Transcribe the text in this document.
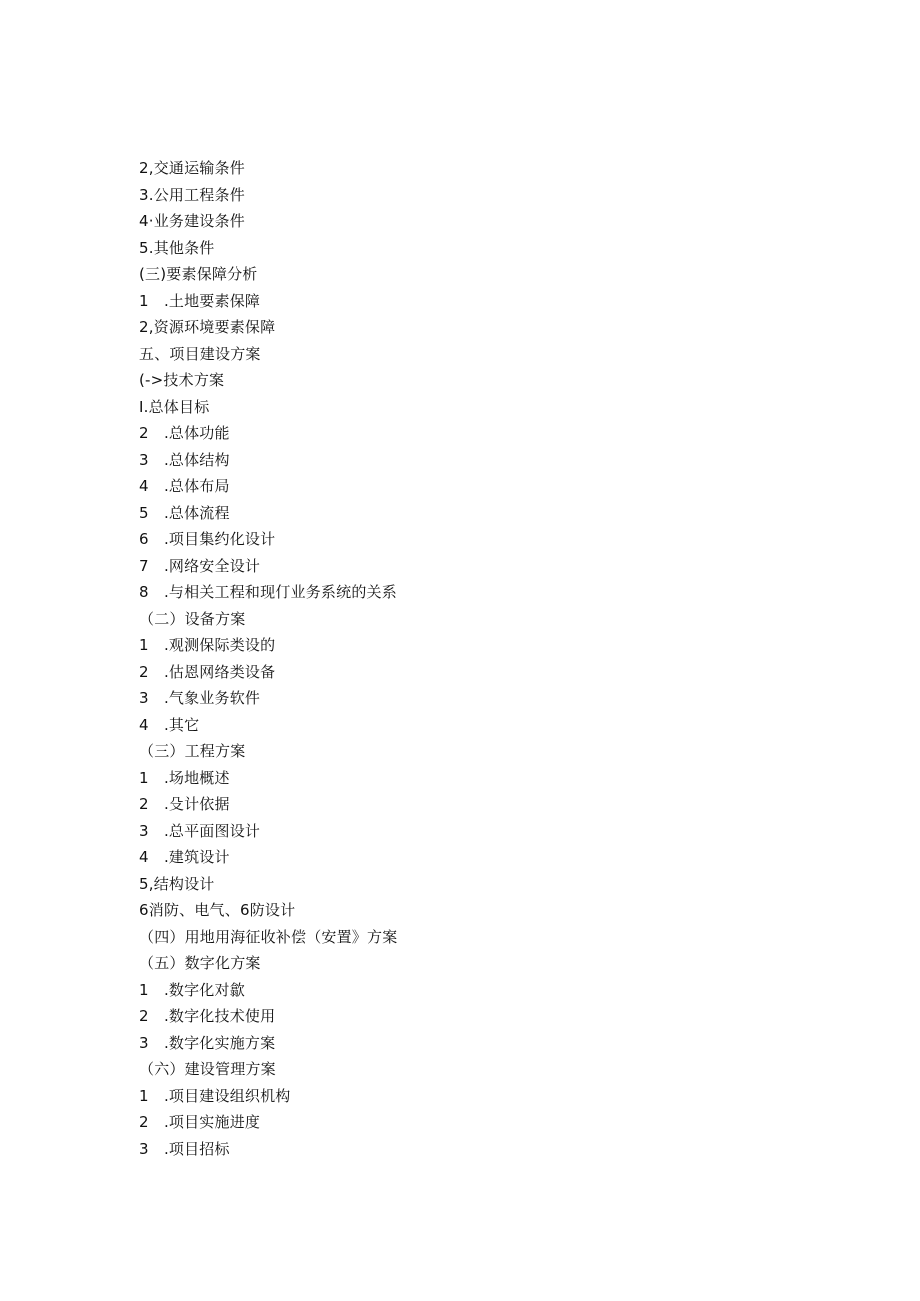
2,交通运输条件
3.公用工程条件
4·业务建设条件
5.其他条件
(三)要素保障分析
1　.土地要素保障
2,资源环境要素保障
五、项目建设方案
(->技术方案
I.总体目标
2　.总体功能
3　.总体结构
4　.总体布局
5　.总体流程
6　.项目集约化设计
7　.网络安全设计
8　.与相关工程和现仃业务系统的关系
（二）设备方案
1　.观测保际类设的
2　.估恩网络类设备
3　.气象业务软件
4　.其它
（三）工程方案
1　.场地概述
2　.殳计依据
3　.总平面图设计
4　.建筑设计
5,结构设计
6消防、电气、6防设计
（四）用地用海征收补偿（安置》方案
（五）数字化方案
1　.数字化对歙
2　.数字化技术使用
3　.数字化实施方案
（六）建设管理方案
1　.项目建设组织机构
2　.项目实施进度
3　.项目招标
